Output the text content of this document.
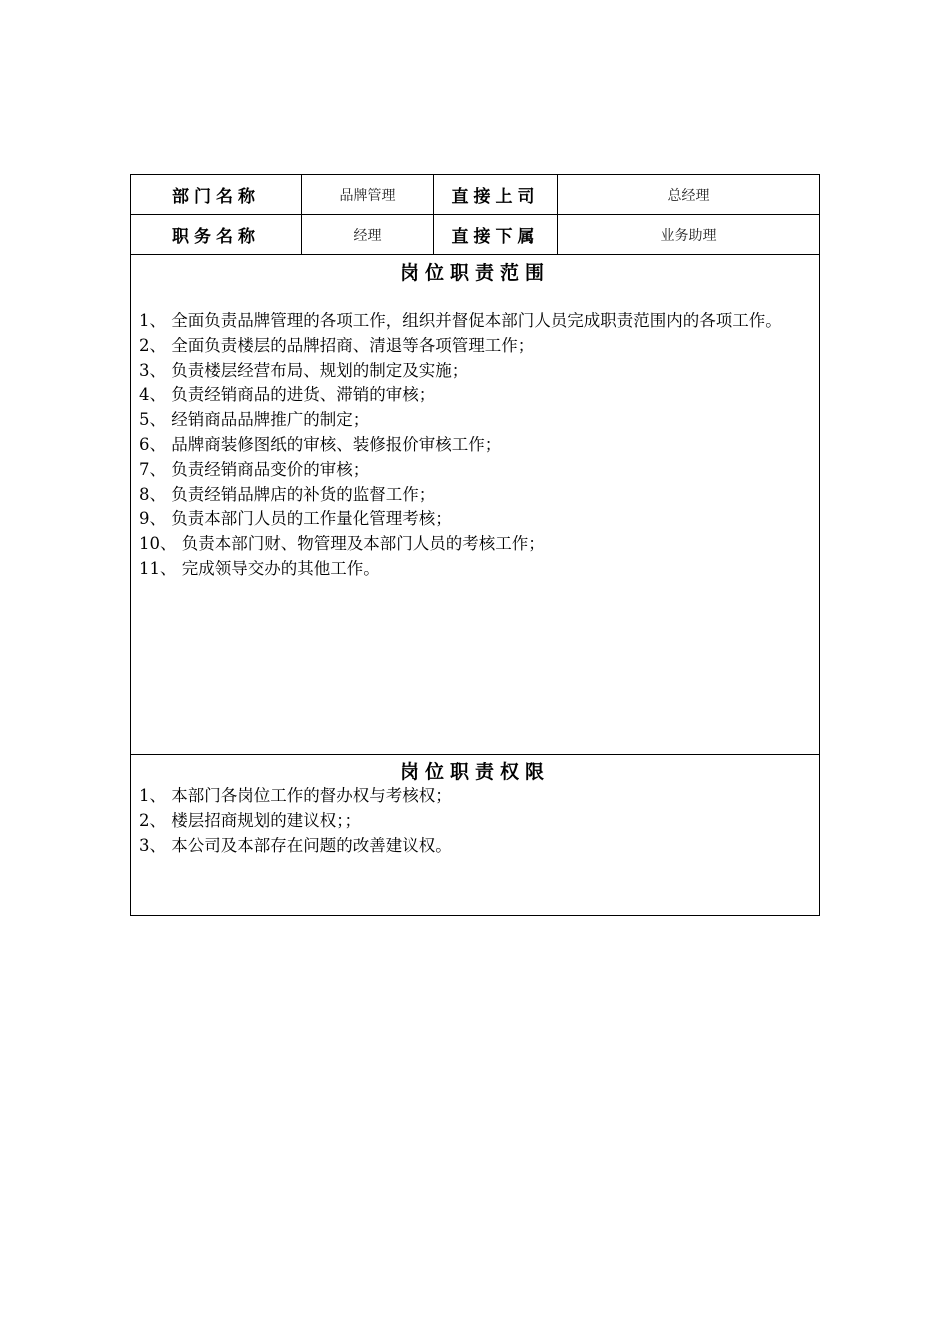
部门名称	品牌管理	直接上司	总经理
职务名称	经理	直接下属	业务助理
岗位职责范围
1、 全面负责品牌管理的各项工作，组织并督促本部门人员完成职责范围内的各项工作。
2、 全面负责楼层的品牌招商、清退等各项管理工作；
3、 负责楼层经营布局、规划的制定及实施；
4、 负责经销商品的进货、滞销的审核；
5、 经销商品品牌推广的制定；
6、 品牌商装修图纸的审核、装修报价审核工作；
7、 负责经销商品变价的审核；
8、 负责经销品牌店的补货的监督工作；
9、 负责本部门人员的工作量化管理考核；
10、 负责本部门财、物管理及本部门人员的考核工作；
11、 完成领导交办的其他工作。
岗位职责权限
1、 本部门各岗位工作的督办权与考核权；
2、 楼层招商规划的建议权；；
3、 本公司及本部存在问题的改善建议权。
